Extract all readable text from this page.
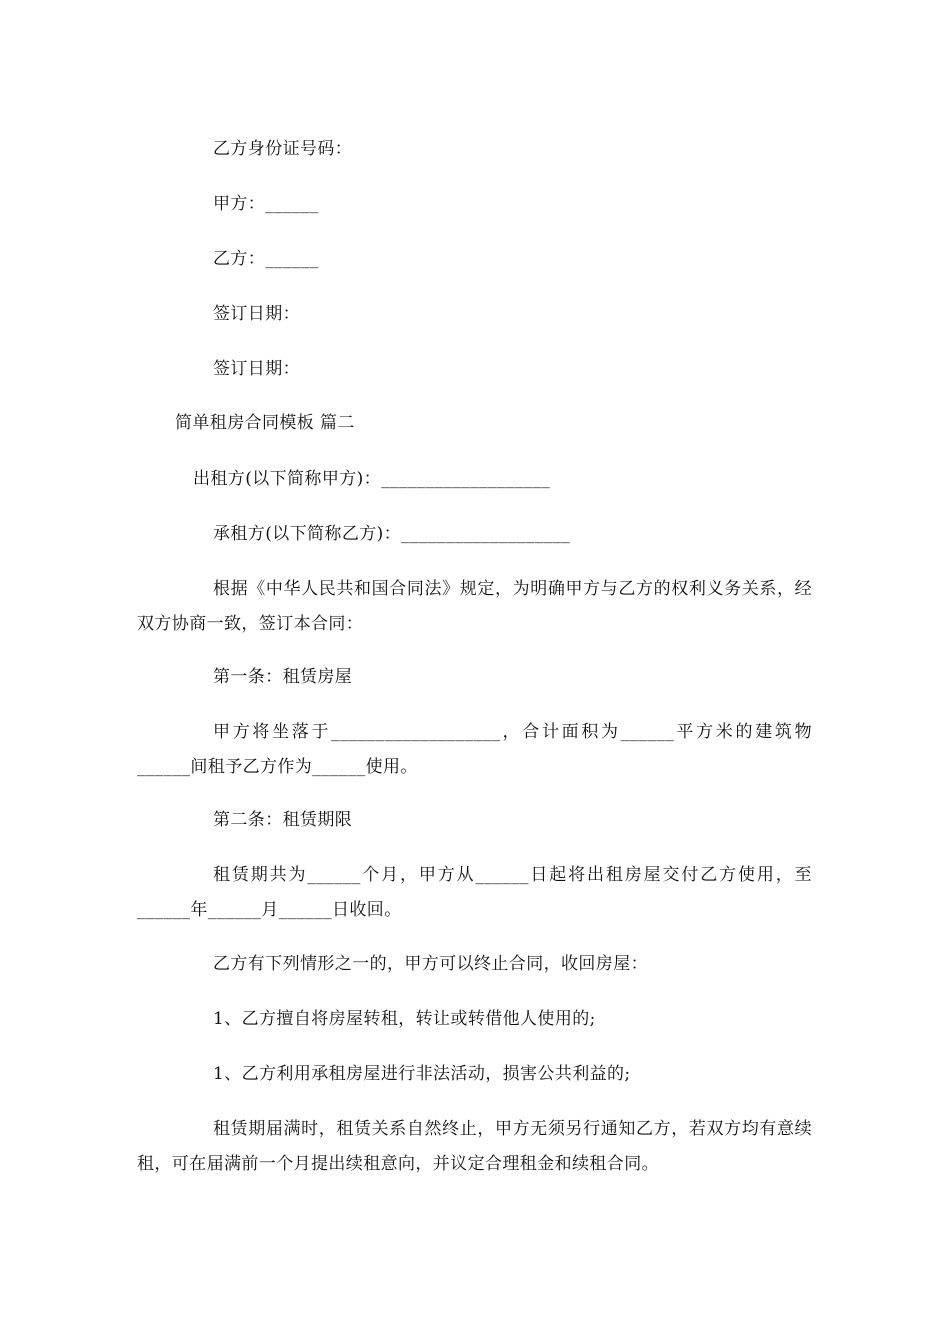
乙方身份证号码：
甲方：______
乙方：______
签订日期：
签订日期：
简单租房合同模板 篇二
出租方(以下简称甲方)：___________________
承租方(以下简称乙方)：___________________
根据《中华人民共和国合同法》规定，为明确甲方与乙方的权利义务关系，经双方协商一致，签订本合同：
第一条：租赁房屋
甲方将坐落于___________________，合计面积为______平方米的建筑物______间租予乙方作为______使用。
第二条：租赁期限
租赁期共为______个月，甲方从______日起将出租房屋交付乙方使用，至______年______月______日收回。
乙方有下列情形之一的，甲方可以终止合同，收回房屋：
1、乙方擅自将房屋转租，转让或转借他人使用的;
1、乙方利用承租房屋进行非法活动，损害公共利益的;
租赁期届满时，租赁关系自然终止，甲方无须另行通知乙方，若双方均有意续租，可在届满前一个月提出续租意向，并议定合理租金和续租合同。
